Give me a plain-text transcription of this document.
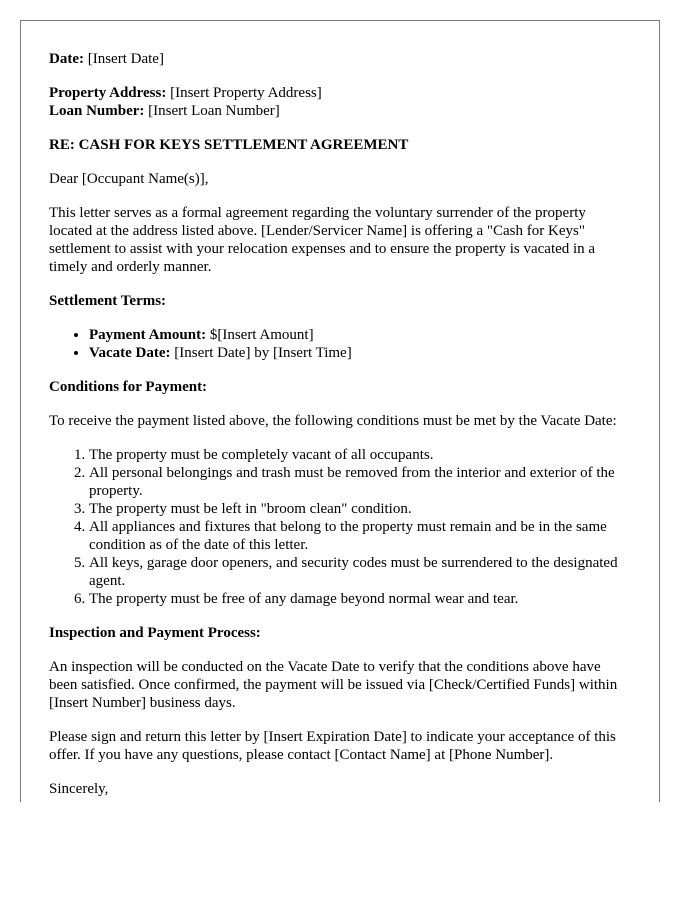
Date: [Insert Date]

Property Address: [Insert Property Address]
Loan Number: [Insert Loan Number]

RE: CASH FOR KEYS SETTLEMENT AGREEMENT

Dear [Occupant Name(s)],

This letter serves as a formal agreement regarding the voluntary surrender of the property located at the address listed above. [Lender/Servicer Name] is offering a "Cash for Keys" settlement to assist with your relocation expenses and to ensure the property is vacated in a timely and orderly manner.

Settlement Terms:

• Payment Amount: $[Insert Amount]
• Vacate Date: [Insert Date] by [Insert Time]

Conditions for Payment:

To receive the payment listed above, the following conditions must be met by the Vacate Date:

1. The property must be completely vacant of all occupants.
2. All personal belongings and trash must be removed from the interior and exterior of the property.
3. The property must be left in "broom clean" condition.
4. All appliances and fixtures that belong to the property must remain and be in the same condition as of the date of this letter.
5. All keys, garage door openers, and security codes must be surrendered to the designated agent.
6. The property must be free of any damage beyond normal wear and tear.

Inspection and Payment Process:

An inspection will be conducted on the Vacate Date to verify that the conditions above have been satisfied. Once confirmed, the payment will be issued via [Check/Certified Funds] within [Insert Number] business days.

Please sign and return this letter by [Insert Expiration Date] to indicate your acceptance of this offer. If you have any questions, please contact [Contact Name] at [Phone Number].

Sincerely,
